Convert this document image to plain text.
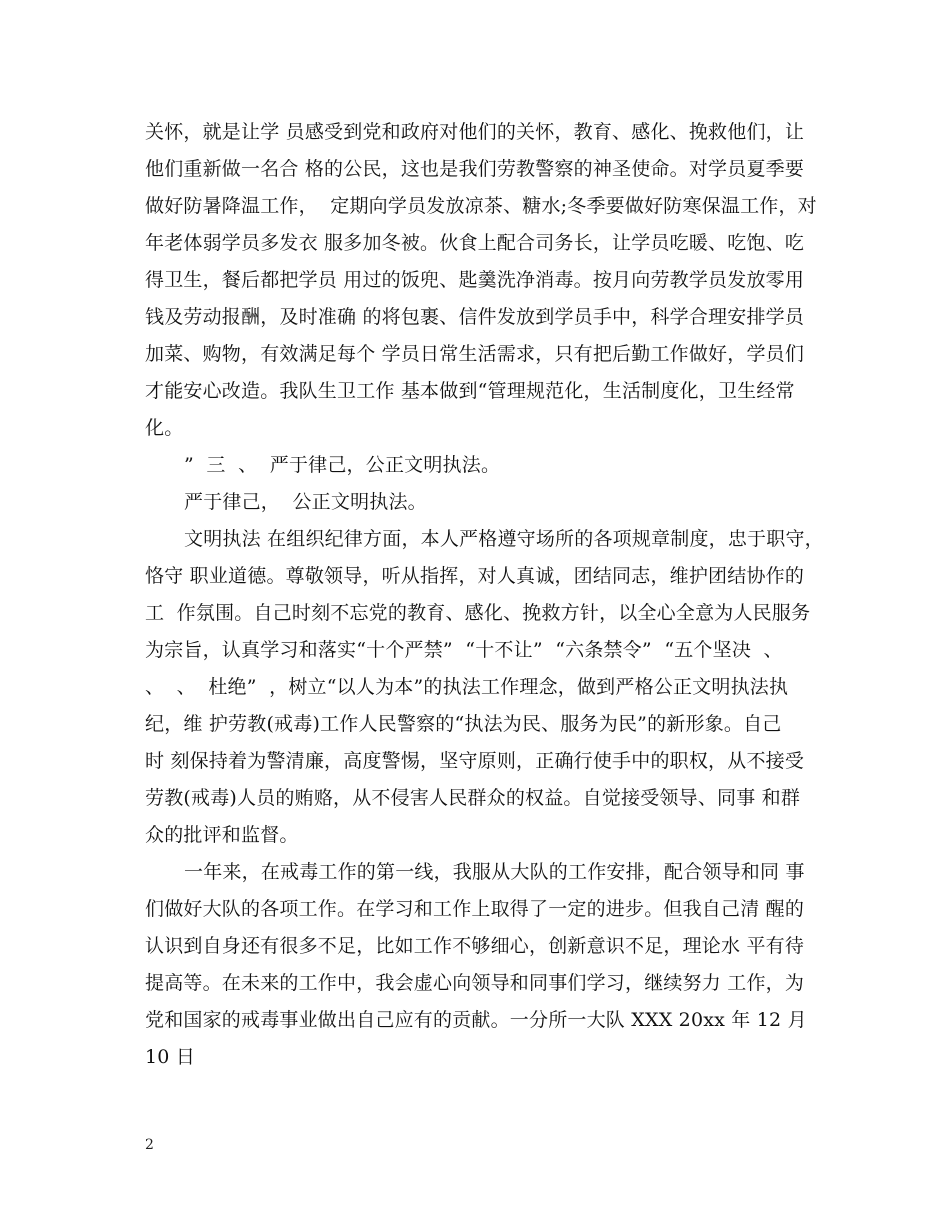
关怀，就是让学 员感受到党和政府对他们的关怀，教育、感化、挽救他们，让
他们重新做一名合 格的公民，这也是我们劳教警察的神圣使命。对学员夏季要
做好防暑降温工作，  定期向学员发放凉茶、糖水;冬季要做好防寒保温工作，对
年老体弱学员多发衣 服多加冬被。伙食上配合司务长，让学员吃暖、吃饱、吃
得卫生，餐后都把学员 用过的饭兜、匙羹洗净消毒。按月向劳教学员发放零用
钱及劳动报酬，及时准确 的将包裹、信件发放到学员手中，科学合理安排学员
加菜、购物，有效满足每个 学员日常生活需求，只有把后勤工作做好，学员们
才能安心改造。我队生卫工作 基本做到“管理规范化，生活制度化，卫生经常
化。
”  三  、  严于律己，公正文明执法。
严于律己，  公正文明执法。
文明执法 在组织纪律方面，本人严格遵守场所的各项规章制度，忠于职守，
恪守 职业道德。尊敬领导，听从指挥，对人真诚，团结同志，维护团结协作的
工  作氛围。自己时刻不忘党的教育、感化、挽救方针，以全心全意为人民服务
为宗旨，认真学习和落实“十个严禁”  “十不让”  “六条禁令”  “五个坚决  、
、  、  杜绝”  ，树立“以人为本”的执法工作理念，做到严格公正文明执法执
纪，维 护劳教(戒毒)工作人民警察的“执法为民、服务为民”的新形象。自己
时 刻保持着为警清廉，高度警惕，坚守原则，正确行使手中的职权，从不接受
劳教(戒毒)人员的贿赂，从不侵害人民群众的权益。自觉接受领导、同事 和群
众的批评和监督。
一年来，在戒毒工作的第一线，我服从大队的工作安排，配合领导和同 事
们做好大队的各项工作。在学习和工作上取得了一定的进步。但我自己清 醒的
认识到自身还有很多不足，比如工作不够细心，创新意识不足，理论水 平有待
提高等。在未来的工作中，我会虚心向领导和同事们学习，继续努力 工作，为
党和国家的戒毒事业做出自己应有的贡献。一分所一大队 XXX 20xx 年 12 月
10 日
2
